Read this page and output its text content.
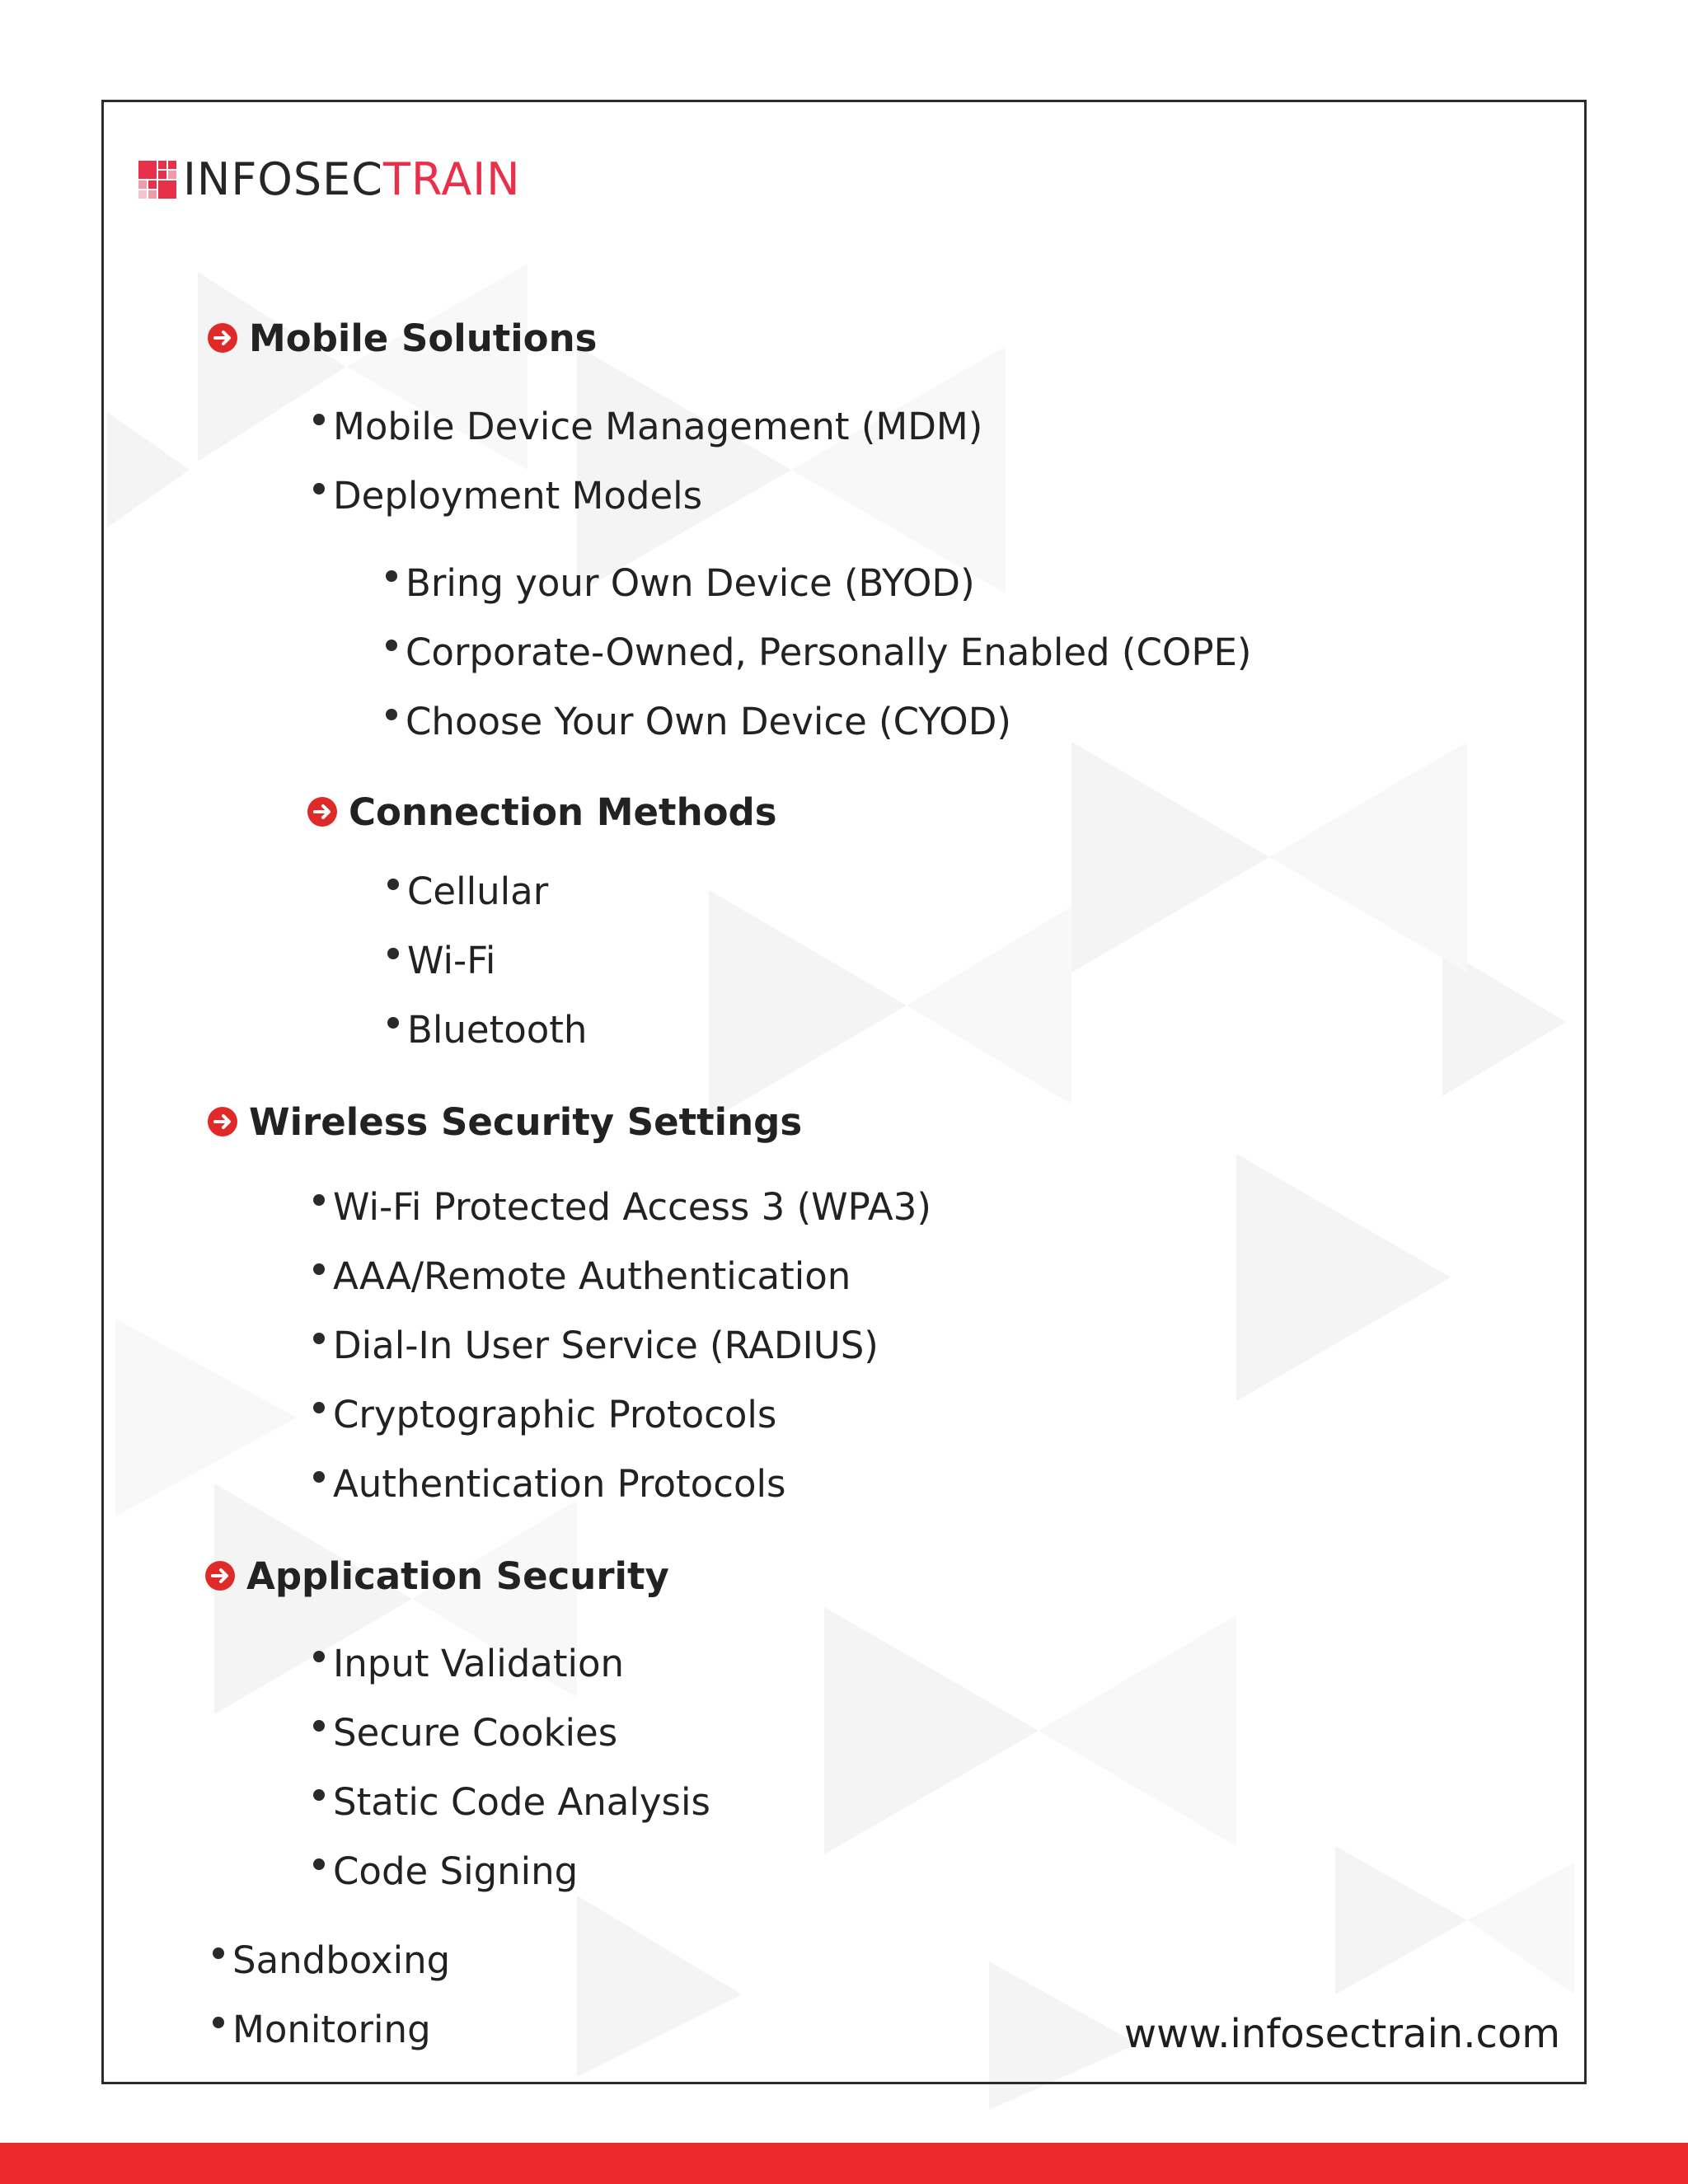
INFOSECTRAIN
Mobile Solutions
Mobile Device Management (MDM)
Deployment Models
Bring your Own Device (BYOD)
Corporate-Owned, Personally Enabled (COPE)
Choose Your Own Device (CYOD)
Connection Methods
Cellular
Wi-Fi
Bluetooth
Wireless Security Settings
Wi-Fi Protected Access 3 (WPA3)
AAA/Remote Authentication
Dial-In User Service (RADIUS)
Cryptographic Protocols
Authentication Protocols
Application Security
Input Validation
Secure Cookies
Static Code Analysis
Code Signing
Sandboxing
Monitoring	www.infosectrain.com
